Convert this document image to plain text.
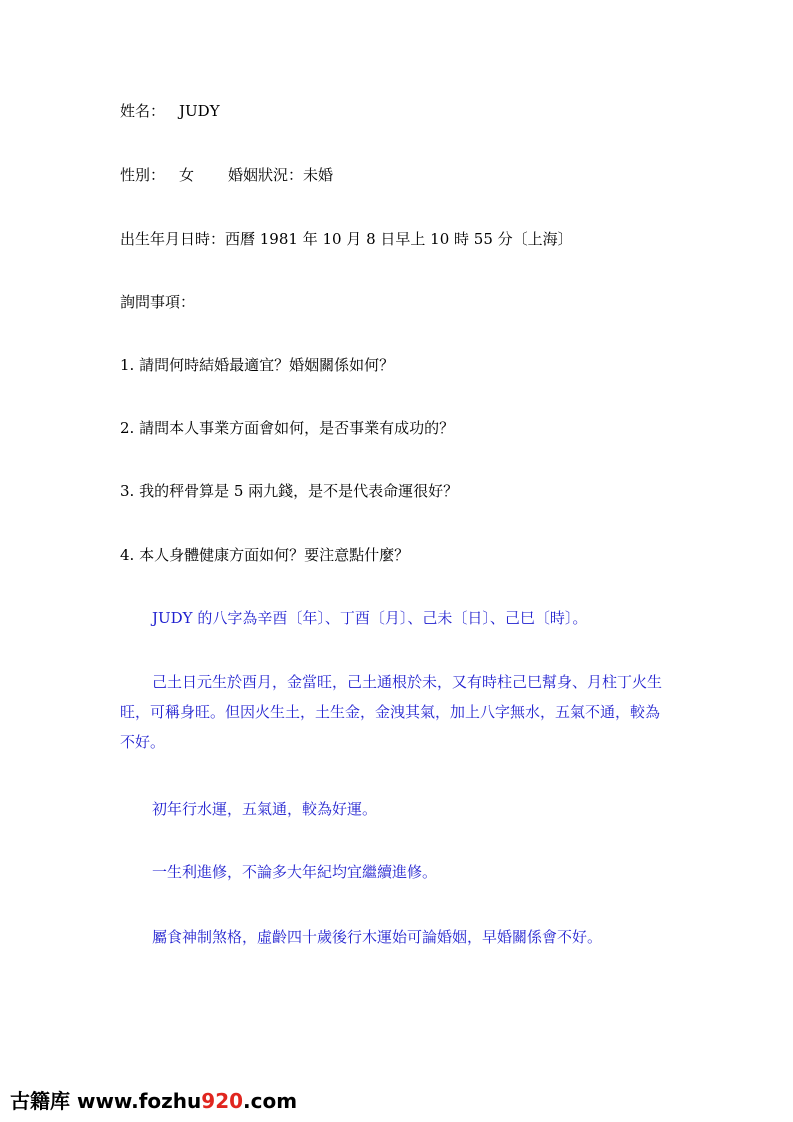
姓名： JUDY
性別： 女 婚姻狀況：未婚
出生年月日時：西曆 1981 年 10 月 8 日早上 10 時 55 分〔上海〕
詢問事項：
1. 請問何時結婚最適宜？婚姻關係如何？
2. 請問本人事業方面會如何，是否事業有成功的？
3. 我的秤骨算是 5 兩九錢，是不是代表命運很好？
4. 本人身體健康方面如何？要注意點什麼？
JUDY 的八字為辛酉〔年〕、丁酉〔月〕、己未〔日〕、己巳〔時〕。
己土日元生於酉月，金當旺，己土通根於未，又有時柱己巳幫身、月柱丁火生旺，可稱身旺。但因火生土，土生金，金洩其氣，加上八字無水，五氣不通，較為不好。
初年行水運，五氣通，較為好運。
一生利進修，不論多大年紀均宜繼續進修。
屬食神制煞格，虛齡四十歲後行木運始可論婚姻，早婚關係會不好。
古籍库 www.fozhu920.com
